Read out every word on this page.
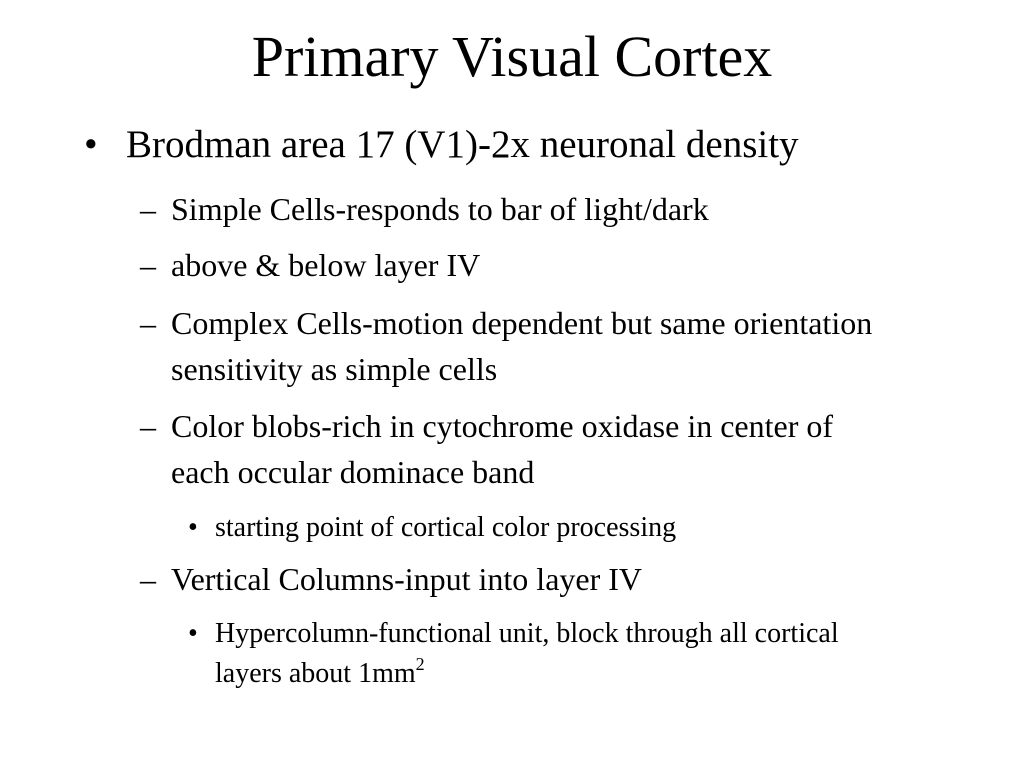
Primary Visual Cortex
• Brodman area 17 (V1)-2x neuronal density
– Simple Cells-responds to bar of light/dark
– above & below layer IV
– Complex Cells-motion dependent but same orientation sensitivity as simple cells
– Color blobs-rich in cytochrome oxidase in center of each occular dominace band
• starting point of cortical color processing
– Vertical Columns-input into layer IV
• Hypercolumn-functional unit, block through all cortical layers about $1mm^2$
